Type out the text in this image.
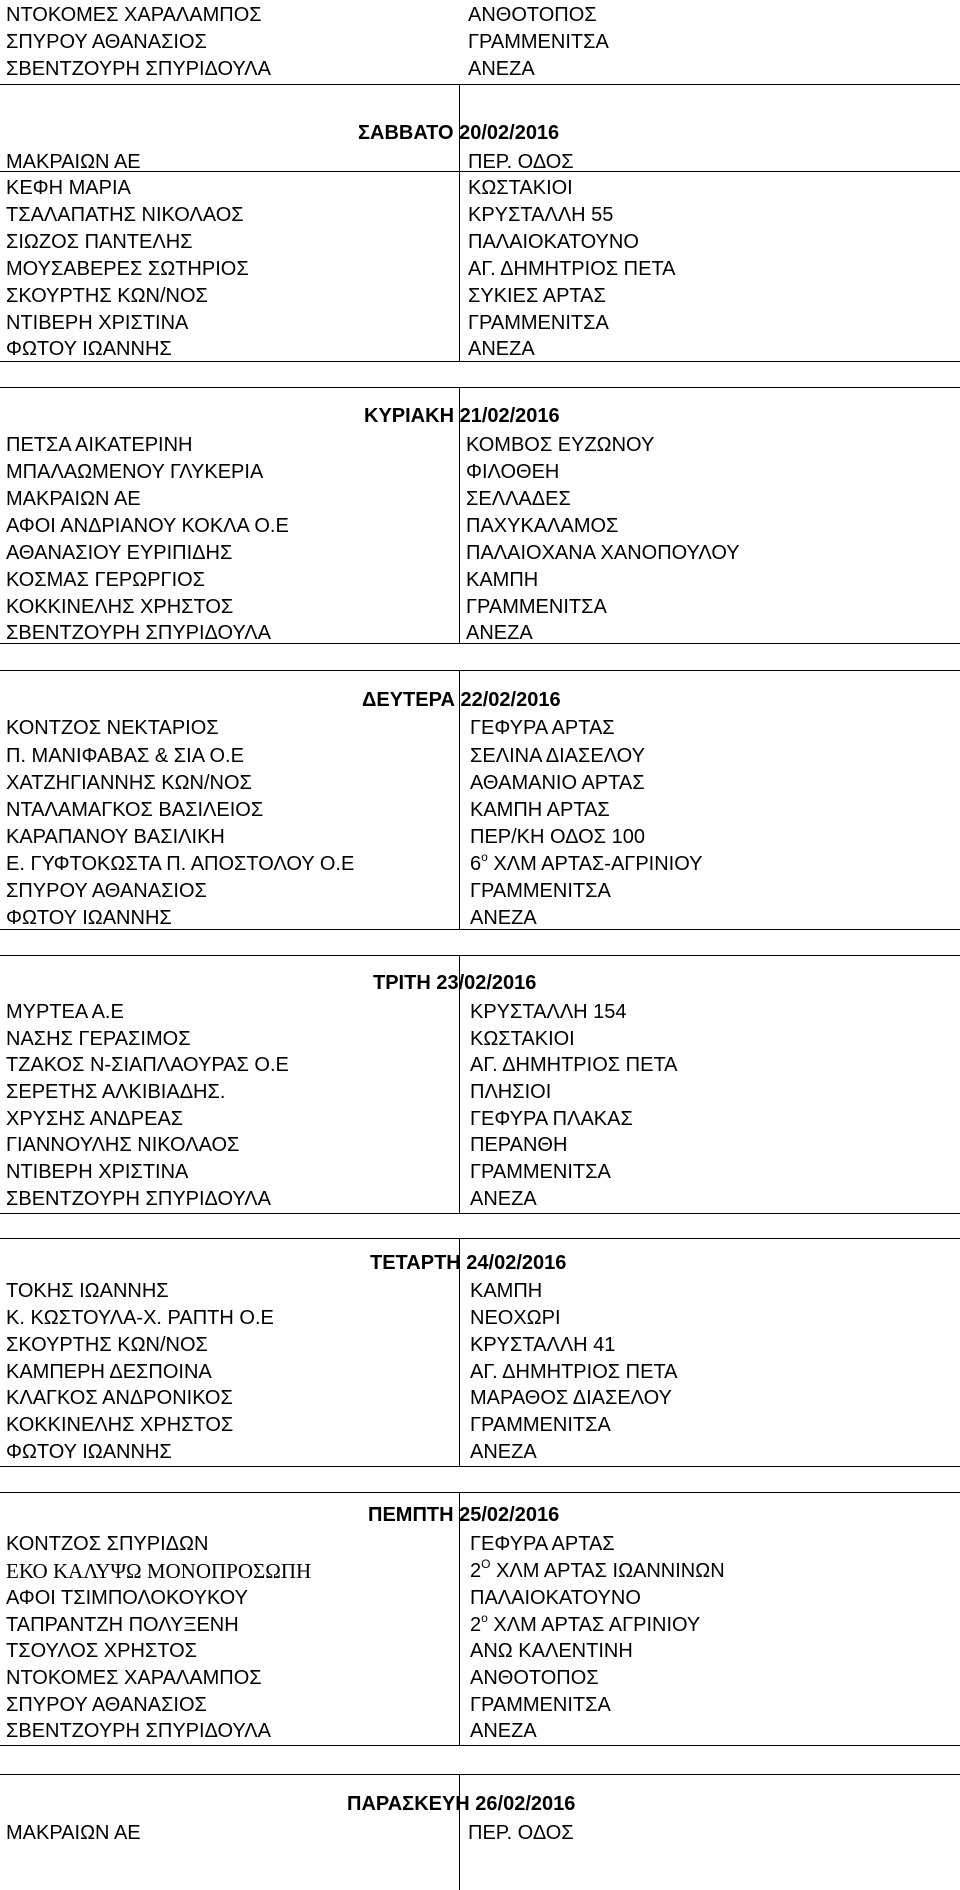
ΝΤΟΚΟΜΕΣ ΧΑΡΑΛΑΜΠΟΣ	ΑΝΘΟΤΟΠΟΣ
ΣΠΥΡΟΥ ΑΘΑΝΑΣΙΟΣ	ΓΡΑΜΜΕΝΙΤΣΑ
ΣΒΕΝΤΖΟΥΡΗ ΣΠΥΡΙΔΟΥΛΑ	ΑΝΕΖΑ
ΣΑΒΒΑΤΟ 20/02/2016
ΜΑΚΡΑΙΩΝ ΑΕ	ΠΕΡ. ΟΔΟΣ
ΚΕΦΗ ΜΑΡΙΑ	ΚΩΣΤΑΚΙΟΙ
ΤΣΑΛΑΠΑΤΗΣ ΝΙΚΟΛΑΟΣ	ΚΡΥΣΤΑΛΛΗ 55
ΣΙΩΖΟΣ ΠΑΝΤΕΛΗΣ	ΠΑΛΑΙΟΚΑΤΟΥΝΟ
ΜΟΥΣΑΒΕΡΕΣ ΣΩΤΗΡΙΟΣ	ΑΓ. ΔΗΜΗΤΡΙΟΣ ΠΕΤΑ
ΣΚΟΥΡΤΗΣ ΚΩΝ/ΝΟΣ	ΣΥΚΙΕΣ ΑΡΤΑΣ
ΝΤΙΒΕΡΗ ΧΡΙΣΤΙΝΑ	ΓΡΑΜΜΕΝΙΤΣΑ
ΦΩΤΟΥ ΙΩΑΝΝΗΣ	ΑΝΕΖΑ
ΚΥΡΙΑΚΗ 21/02/2016
ΠΕΤΣΑ ΑΙΚΑΤΕΡΙΝΗ	ΚΟΜΒΟΣ ΕΥΖΩΝΟΥ
ΜΠΑΛΑΩΜΕΝΟΥ ΓΛΥΚΕΡΙΑ	ΦΙΛΟΘΕΗ
ΜΑΚΡΑΙΩΝ ΑΕ	ΣΕΛΛΑΔΕΣ
ΑΦΟΙ ΑΝΔΡΙΑΝΟΥ ΚΟΚΛΑ Ο.Ε	ΠΑΧΥΚΑΛΑΜΟΣ
ΑΘΑΝΑΣΙΟΥ ΕΥΡΙΠΙΔΗΣ	ΠΑΛΑΙΟΧΑΝΑ ΧΑΝΟΠΟΥΛΟΥ
ΚΟΣΜΑΣ ΓΕΡΩΡΓΙΟΣ	ΚΑΜΠΗ
ΚΟΚΚΙΝΕΛΗΣ ΧΡΗΣΤΟΣ	ΓΡΑΜΜΕΝΙΤΣΑ
ΣΒΕΝΤΖΟΥΡΗ ΣΠΥΡΙΔΟΥΛΑ	ΑΝΕΖΑ
ΔΕΥΤΕΡΑ 22/02/2016
ΚΟΝΤΖΟΣ ΝΕΚΤΑΡΙΟΣ	ΓΕΦΥΡΑ ΑΡΤΑΣ
Π. ΜΑΝΙΦΑΒΑΣ & ΣΙΑ Ο.Ε	ΣΕΛΙΝΑ ΔΙΑΣΕΛΟΥ
ΧΑΤΖΗΓΙΑΝΝΗΣ ΚΩΝ/ΝΟΣ	ΑΘΑΜΑΝΙΟ ΑΡΤΑΣ
ΝΤΑΛΑΜΑΓΚΟΣ ΒΑΣΙΛΕΙΟΣ	ΚΑΜΠΗ ΑΡΤΑΣ
ΚΑΡΑΠΑΝΟΥ ΒΑΣΙΛΙΚΗ	ΠΕΡ/ΚΗ ΟΔΟΣ 100
Ε. ΓΥΦΤΟΚΩΣΤΑ Π. ΑΠΟΣΤΟΛΟΥ Ο.Ε	$6^o$ ΧΛΜ ΑΡΤΑΣ-ΑΓΡΙΝΙΟΥ
ΣΠΥΡΟΥ ΑΘΑΝΑΣΙΟΣ	ΓΡΑΜΜΕΝΙΤΣΑ
ΦΩΤΟΥ ΙΩΑΝΝΗΣ	ΑΝΕΖΑ
ΤΡΙΤΗ 23/02/2016
ΜΥΡΤΕΑ Α.Ε	ΚΡΥΣΤΑΛΛΗ 154
ΝΑΣΗΣ ΓΕΡΑΣΙΜΟΣ	ΚΩΣΤΑΚΙΟΙ
ΤΖΑΚΟΣ Ν-ΣΙΑΠΛΑΟΥΡΑΣ Ο.Ε	ΑΓ. ΔΗΜΗΤΡΙΟΣ ΠΕΤΑ
ΣΕΡΕΤΗΣ ΑΛΚΙΒΙΑΔΗΣ.	ΠΛΗΣΙΟΙ
ΧΡΥΣΗΣ ΑΝΔΡΕΑΣ	ΓΕΦΥΡΑ ΠΛΑΚΑΣ
ΓΙΑΝΝΟΥΛΗΣ ΝΙΚΟΛΑΟΣ	ΠΕΡΑΝΘΗ
ΝΤΙΒΕΡΗ ΧΡΙΣΤΙΝΑ	ΓΡΑΜΜΕΝΙΤΣΑ
ΣΒΕΝΤΖΟΥΡΗ ΣΠΥΡΙΔΟΥΛΑ	ΑΝΕΖΑ
ΤΕΤΑΡΤΗ 24/02/2016
ΤΟΚΗΣ ΙΩΑΝΝΗΣ	ΚΑΜΠΗ
Κ. ΚΩΣΤΟΥΛΑ-Χ. ΡΑΠΤΗ Ο.Ε	ΝΕΟΧΩΡΙ
ΣΚΟΥΡΤΗΣ ΚΩΝ/ΝΟΣ	ΚΡΥΣΤΑΛΛΗ 41
ΚΑΜΠΕΡΗ ΔΕΣΠΟΙΝΑ	ΑΓ. ΔΗΜΗΤΡΙΟΣ ΠΕΤΑ
ΚΛΑΓΚΟΣ ΑΝΔΡΟΝΙΚΟΣ	ΜΑΡΑΘΟΣ ΔΙΑΣΕΛΟΥ
ΚΟΚΚΙΝΕΛΗΣ ΧΡΗΣΤΟΣ	ΓΡΑΜΜΕΝΙΤΣΑ
ΦΩΤΟΥ ΙΩΑΝΝΗΣ	ΑΝΕΖΑ
ΠΕΜΠΤΗ 25/02/2016
ΚΟΝΤΖΟΣ ΣΠΥΡΙΔΩΝ	ΓΕΦΥΡΑ ΑΡΤΑΣ
ΕΚΟ ΚΑΛΥΨΩ ΜΟΝΟΠΡΟΣΩΠΗ	$2^O$ ΧΛΜ ΑΡΤΑΣ ΙΩΑΝΝΙΝΩΝ
ΑΦΟΙ ΤΣΙΜΠΟΛΟΚΟΥΚΟΥ	ΠΑΛΑΙΟΚΑΤΟΥΝΟ
ΤΑΠΡΑΝΤΖΗ ΠΟΛΥΞΕΝΗ	$2^o$ ΧΛΜ ΑΡΤΑΣ ΑΓΡΙΝΙΟΥ
ΤΣΟΥΛΟΣ ΧΡΗΣΤΟΣ	ΑΝΩ ΚΑΛΕΝΤΙΝΗ
ΝΤΟΚΟΜΕΣ ΧΑΡΑΛΑΜΠΟΣ	ΑΝΘΟΤΟΠΟΣ
ΣΠΥΡΟΥ ΑΘΑΝΑΣΙΟΣ	ΓΡΑΜΜΕΝΙΤΣΑ
ΣΒΕΝΤΖΟΥΡΗ ΣΠΥΡΙΔΟΥΛΑ	ΑΝΕΖΑ
ΠΑΡΑΣΚΕΥΗ 26/02/2016
ΜΑΚΡΑΙΩΝ ΑΕ	ΠΕΡ. ΟΔΟΣ
